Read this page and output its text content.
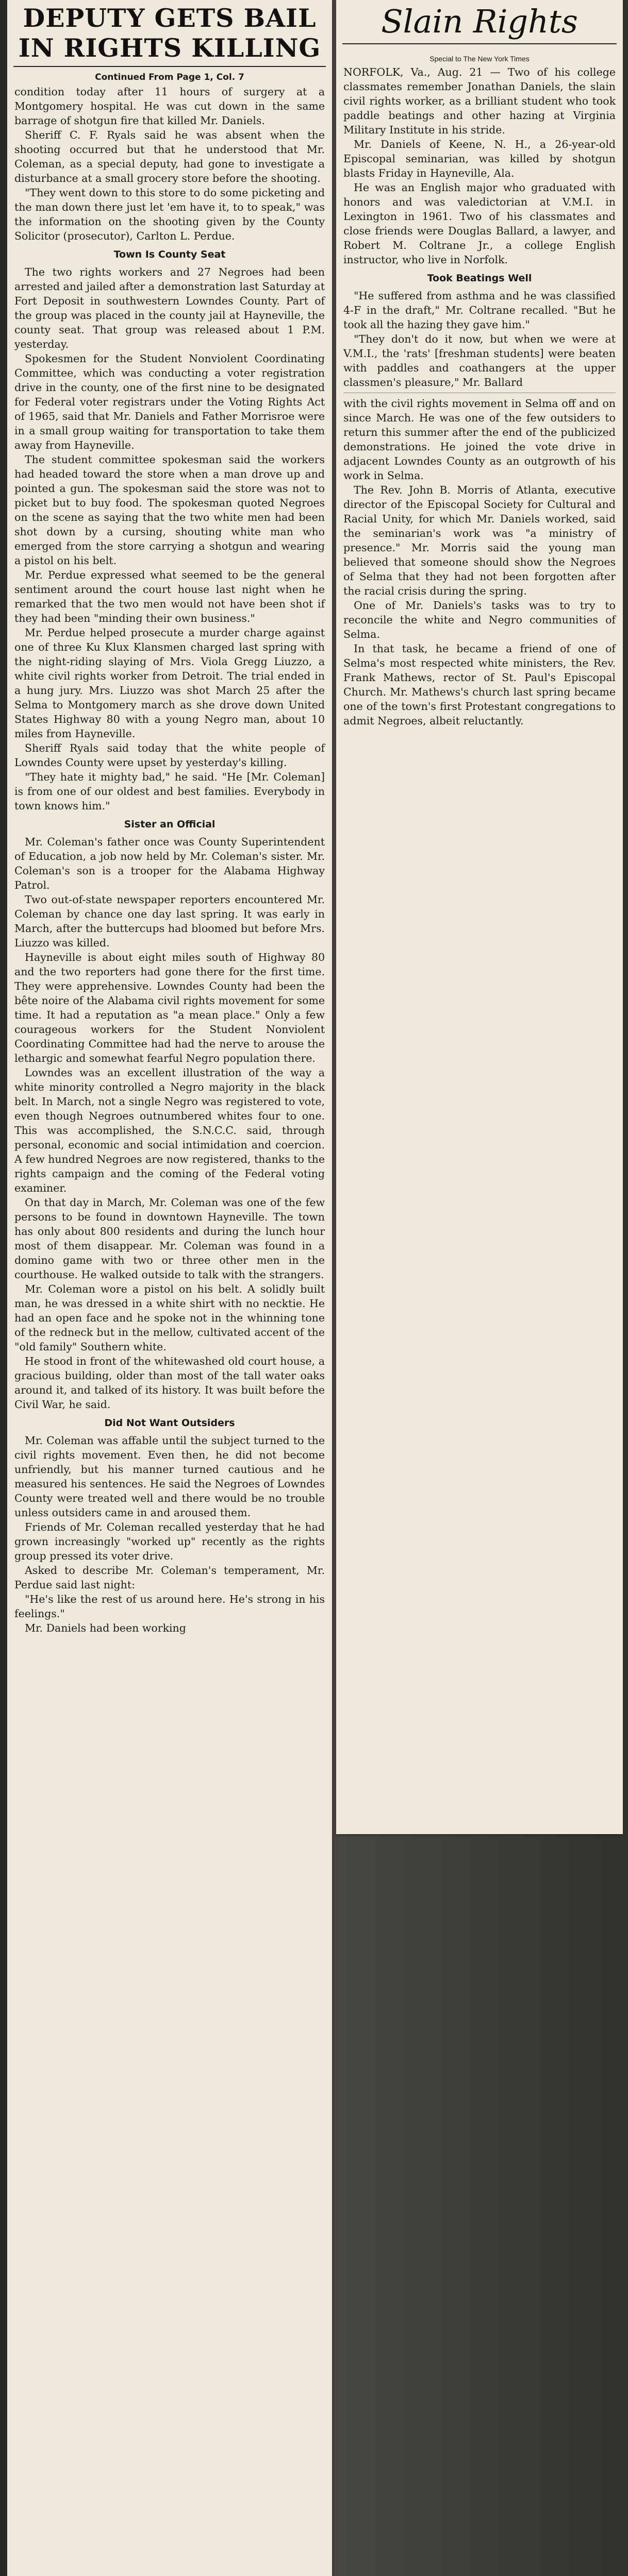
DEPUTY GETS BAIL IN RIGHTS KILLING
Continued From Page 1, Col. 7

condition today after 11 hours of surgery at a Montgomery hospital. He was cut down in the same barrage of shotgun fire that killed Mr. Daniels.

Sheriff C. F. Ryals said he was absent when the shooting occurred but that he understood that Mr. Coleman, as a special deputy, had gone to investigate a disturbance at a small grocery store before the shooting.

"They went down to this store to do some picketing and the man down there just let 'em have it, to to speak," was the information on the shooting given by the County Solicitor (prosecutor), Carlton L. Perdue.

Town Is County Seat

The two rights workers and 27 Negroes had been arrested and jailed after a demonstration last Saturday at Fort Deposit in southwestern Lowndes County. Part of the group was placed in the county jail at Hayneville, the county seat. That group was released about 1 P.M. yesterday.

Spokesmen for the Student Nonviolent Coordinating Committee, which was conducting a voter registration drive in the county, one of the first nine to be designated for Federal voter registrars under the Voting Rights Act of 1965, said that Mr. Daniels and Father Morrisroe were in a small group waiting for transportation to take them away from Hayneville.

The student committee spokesman said the workers had headed toward the store when a man drove up and pointed a gun. The spokesman said the store was not to picket but to buy food. The spokesman quoted Negroes on the scene as saying that the two white men had been shot down by a cursing, shouting white man who emerged from the store carrying a shotgun and wearing a pistol on his belt.

Mr. Perdue expressed what seemed to be the general sentiment around the court house last night when he remarked that the two men would not have been shot if they had been "minding their own business."

Mr. Perdue helped prosecute a murder charge against one of three Ku Klux Klansmen charged last spring with the night-riding slaying of Mrs. Viola Gregg Liuzzo, a white civil rights worker from Detroit. The trial ended in a hung jury. Mrs. Liuzzo was shot March 25 after the Selma to Montgomery march as she drove down United States Highway 80 with a young Negro man, about 10 miles from Hayneville.

Sheriff Ryals said today that the white people of Lowndes County were upset by yesterday's killing.

"They hate it mighty bad," he said. "He [Mr. Coleman] is from one of our oldest and best families. Everybody in town knows him."

Sister an Official

Mr. Coleman's father once was County Superintendent of Education, a job now held by Mr. Coleman's sister. Mr. Coleman's son is a trooper for the Alabama Highway Patrol.

Two out-of-state newspaper reporters encountered Mr. Coleman by chance one day last spring. It was early in March, after the buttercups had bloomed but before Mrs. Liuzzo was killed.

Hayneville is about eight miles south of Highway 80 and the two reporters had gone there for the first time. They were apprehensive. Lowndes County had been the bête noire of the Alabama civil rights movement for some time. It had a reputation as "a mean place." Only a few courageous workers for the Student Nonviolent Coordinating Committee had had the nerve to arouse the lethargic and somewhat fearful Negro population there.

Lowndes was an excellent illustration of the way a white minority controlled a Negro majority in the black belt. In March, not a single Negro was registered to vote, even though Negroes outnumbered whites four to one. This was accomplished, the S.N.C.C. said, through personal, economic and social intimidation and coercion. A few hundred Negroes are now registered, thanks to the rights campaign and the coming of the Federal voting examiner.

On that day in March, Mr. Coleman was one of the few persons to be found in downtown Hayneville. The town has only about 800 residents and during the lunch hour most of them disappear. Mr. Coleman was found in a domino game with two or three other men in the courthouse. He walked outside to talk with the strangers.

Mr. Coleman wore a pistol on his belt. A solidly built man, he was dressed in a white shirt with no necktie. He had an open face and he spoke not in the whinning tone of the redneck but in the mellow, cultivated accent of the "old family" Southern white.

He stood in front of the whitewashed old court house, a gracious building, older than most of the tall water oaks around it, and talked of its history. It was built before the Civil War, he said.

Did Not Want Outsiders

Mr. Coleman was affable until the subject turned to the civil rights movement. Even then, he did not become unfriendly, but his manner turned cautious and he measured his sentences. He said the Negroes of Lowndes County were treated well and there would be no trouble unless outsiders came in and aroused them.

Friends of Mr. Coleman recalled yesterday that he had grown increasingly "worked up" recently as the rights group pressed its voter drive.

Asked to describe Mr. Coleman's temperament, Mr. Perdue said last night:

"He's like the rest of us around here. He's strong in his feelings."

Mr. Daniels had been working

Slain Rights
Special to The New York Times

NORFOLK, Va., Aug. 21 — Two of his college classmates remember Jonathan Daniels, the slain civil rights worker, as a brilliant student who took paddle beatings and other hazing at Virginia Military Institute in his stride.

Mr. Daniels of Keene, N. H., a 26-year-old Episcopal seminarian, was killed by shotgun blasts Friday in Hayneville, Ala.

He was an English major who graduated with honors and was valedictorian at V.M.I. in Lexington in 1961. Two of his classmates and close friends were Douglas Ballard, a lawyer, and Robert M. Coltrane Jr., a college English instructor, who live in Norfolk.

Took Beatings Well

"He suffered from asthma and he was classified 4-F in the draft," Mr. Coltrane recalled. "But he took all the hazing they gave him."

"They don't do it now, but when we were at V.M.I., the 'rats' [freshman students] were beaten with paddles and coathangers at the upper classmen's pleasure," Mr. Ballard

with the civil rights movement in Selma off and on since March. He was one of the few outsiders to return this summer after the end of the publicized demonstrations. He joined the vote drive in adjacent Lowndes County as an outgrowth of his work in Selma.

The Rev. John B. Morris of Atlanta, executive director of the Episcopal Society for Cultural and Racial Unity, for which Mr. Daniels worked, said the seminarian's work was "a ministry of presence." Mr. Morris said the young man believed that someone should show the Negroes of Selma that they had not been forgotten after the racial crisis during the spring.

One of Mr. Daniels's tasks was to try to reconcile the white and Negro communities of Selma.

In that task, he became a friend of one of Selma's most respected white ministers, the Rev. Frank Mathews, rector of St. Paul's Episcopal Church. Mr. Mathews's church last spring became one of the town's first Protestant congregations to admit Negroes, albeit reluctantly.
